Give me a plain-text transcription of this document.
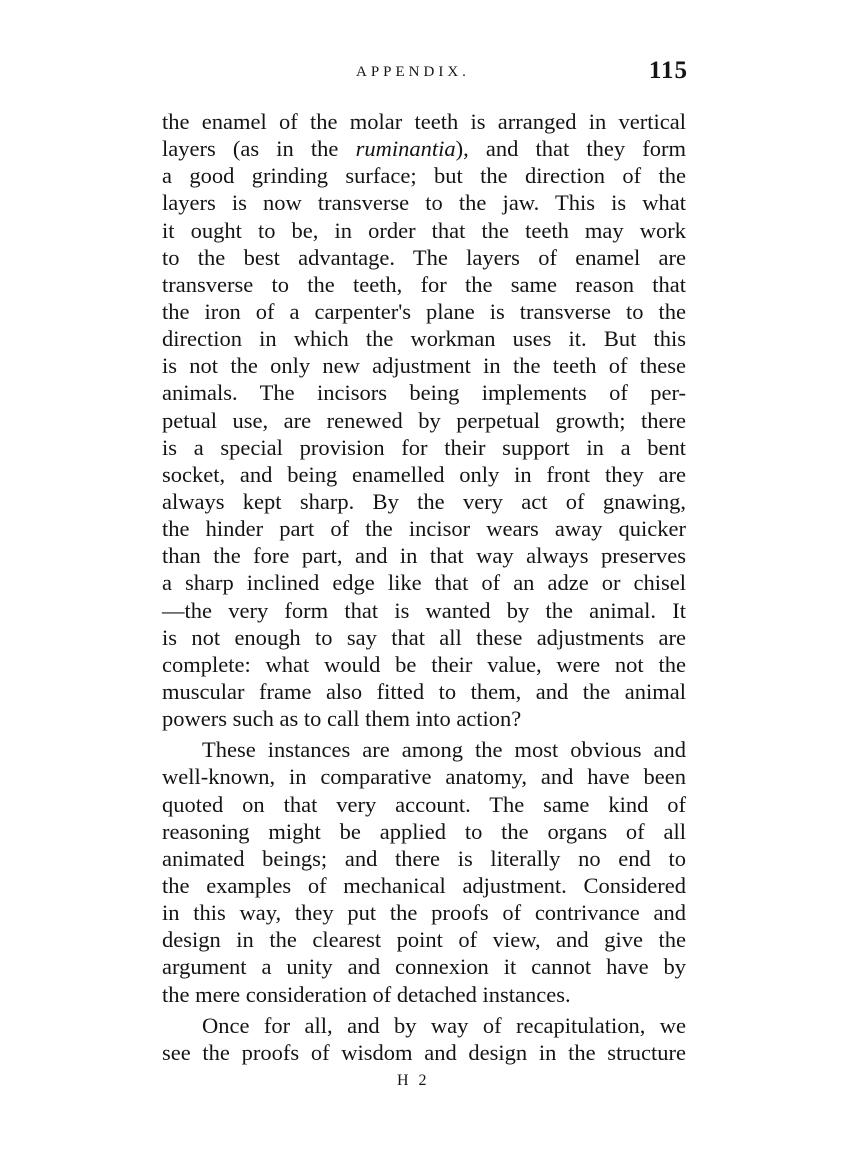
APPENDIX.	115
the enamel of the molar teeth is arranged in vertical
layers (as in the ruminantia), and that they form
a good grinding surface; but the direction of the
layers is now transverse to the jaw. This is what
it ought to be, in order that the teeth may work
to the best advantage. The layers of enamel are
transverse to the teeth, for the same reason that
the iron of a carpenter's plane is transverse to the
direction in which the workman uses it. But this
is not the only new adjustment in the teeth of these
animals. The incisors being implements of per-
petual use, are renewed by perpetual growth; there
is a special provision for their support in a bent
socket, and being enamelled only in front they are
always kept sharp. By the very act of gnawing,
the hinder part of the incisor wears away quicker
than the fore part, and in that way always preserves
a sharp inclined edge like that of an adze or chisel
—the very form that is wanted by the animal. It
is not enough to say that all these adjustments are
complete: what would be their value, were not the
muscular frame also fitted to them, and the animal
powers such as to call them into action?
These instances are among the most obvious and
well-known, in comparative anatomy, and have been
quoted on that very account. The same kind of
reasoning might be applied to the organs of all
animated beings; and there is literally no end to
the examples of mechanical adjustment. Considered
in this way, they put the proofs of contrivance and
design in the clearest point of view, and give the
argument a unity and connexion it cannot have by
the mere consideration of detached instances.
Once for all, and by way of recapitulation, we
see the proofs of wisdom and design in the structure
H 2
